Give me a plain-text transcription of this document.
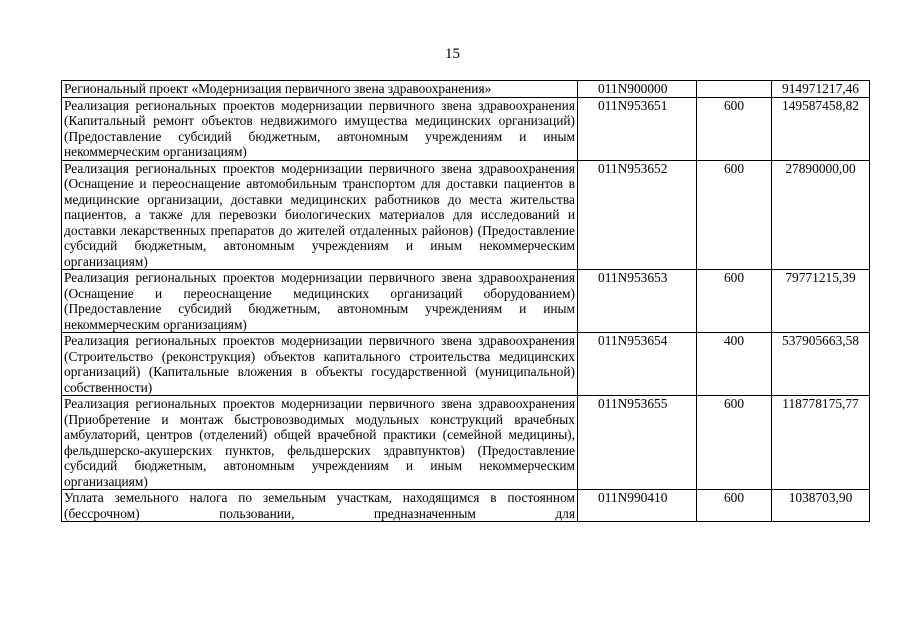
15
Региональный проект «Модернизация первичного звена здравоохранения»	011N900000		914971217,46
Реализация региональных проектов модернизации первичного звена здравоохранения (Капитальный ремонт объектов недвижимого имущества медицинских организаций) (Предоставление субсидий бюджетным, автономным учреждениям и иным некоммерческим организациям)	011N953651	600	149587458,82
Реализация региональных проектов модернизации первичного звена здравоохранения (Оснащение и переоснащение автомобильным транспортом для доставки пациентов в медицинские организации, доставки медицинских работников до места жительства пациентов, а также для перевозки биологических материалов для исследований и доставки лекарственных препаратов до жителей отдаленных районов) (Предоставление субсидий бюджетным, автономным учреждениям и иным некоммерческим организациям)	011N953652	600	27890000,00
Реализация региональных проектов модернизации первичного звена здравоохранения (Оснащение и переоснащение медицинских организаций оборудованием) (Предоставление субсидий бюджетным, автономным учреждениям и иным некоммерческим организациям)	011N953653	600	79771215,39
Реализация региональных проектов модернизации первичного звена здравоохранения (Строительство (реконструкция) объектов капитального строительства медицинских организаций) (Капитальные вложения в объекты государственной (муниципальной) собственности)	011N953654	400	537905663,58
Реализация региональных проектов модернизации первичного звена здравоохранения (Приобретение и монтаж быстровозводимых модульных конструкций врачебных амбулаторий, центров (отделений) общей врачебной практики (семейной медицины), фельдшерско-акушерских пунктов, фельдшерских здравпунктов) (Предоставление субсидий бюджетным, автономным учреждениям и иным некоммерческим организациям)	011N953655	600	118778175,77
Уплата земельного налога по земельным участкам, находящимся в постоянном (бессрочном) пользовании, предназначенным для	011N990410	600	1038703,90
